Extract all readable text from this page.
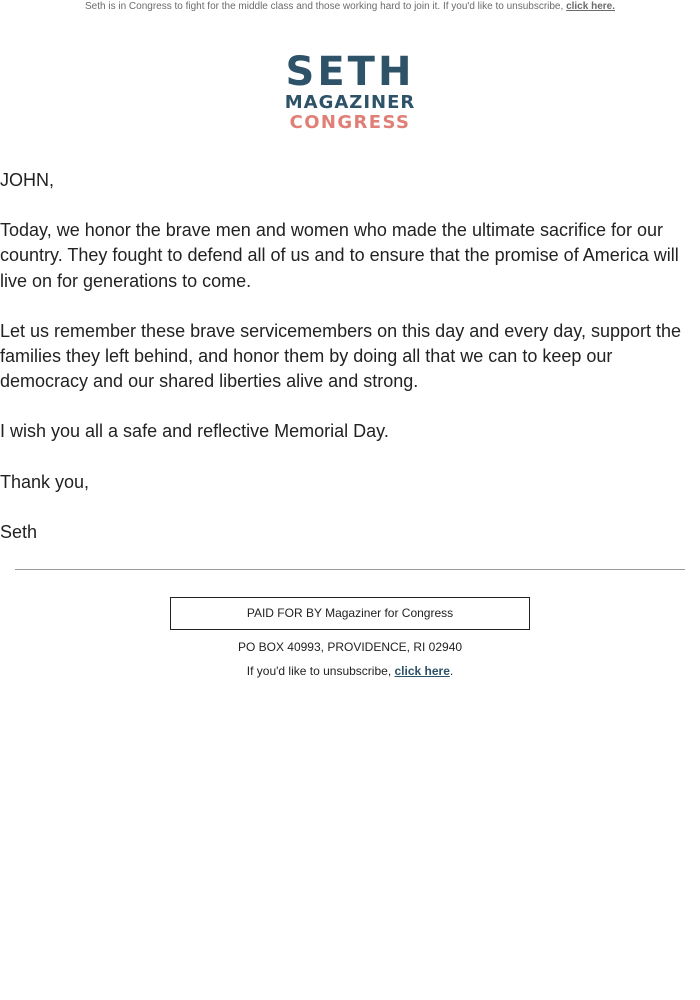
Seth is in Congress to fight for the middle class and those working hard to join it. If you'd like to unsubscribe, click here.
SETH
MAGAZINER
CONGRESS

JOHN,

Today, we honor the brave men and women who made the ultimate sacrifice for our country. They fought to defend all of us and to ensure that the promise of America will live on for generations to come.

Let us remember these brave servicemembers on this day and every day, support the families they left behind, and honor them by doing all that we can to keep our democracy and our shared liberties alive and strong.

I wish you all a safe and reflective Memorial Day.

Thank you,

Seth

PAID FOR BY Magaziner for Congress
PO BOX 40993, PROVIDENCE, RI 02940
If you'd like to unsubscribe, click here.
